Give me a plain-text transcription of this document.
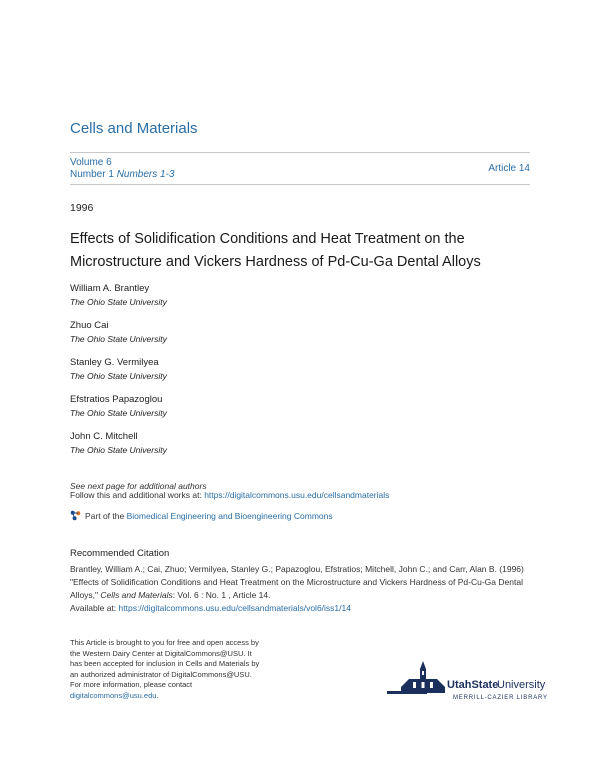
Cells and Materials
Volume 6
Number 1 Numbers 1-3
Article 14
1996
Effects of Solidification Conditions and Heat Treatment on the Microstructure and Vickers Hardness of Pd-Cu-Ga Dental Alloys
William A. Brantley
The Ohio State University
Zhuo Cai
The Ohio State University
Stanley G. Vermilyea
The Ohio State University
Efstratios Papazoglou
The Ohio State University
John C. Mitchell
The Ohio State University
See next page for additional authors
Follow this and additional works at: https://digitalcommons.usu.edu/cellsandmaterials
Part of the
Biomedical Engineering and Bioengineering Commons
Recommended Citation
Brantley, William A.; Cai, Zhuo; Vermilyea, Stanley G.; Papazoglou, Efstratios; Mitchell, John C.; and Carr, Alan B. (1996) "Effects of Solidification Conditions and Heat Treatment on the Microstructure and Vickers Hardness of Pd-Cu-Ga Dental Alloys," Cells and Materials: Vol. 6 : No. 1 , Article 14.
Available at: https://digitalcommons.usu.edu/cellsandmaterials/vol6/iss1/14
This Article is brought to you for free and open access by
the Western Dairy Center at DigitalCommons@USU. It
has been accepted for inclusion in Cells and Materials by
an authorized administrator of DigitalCommons@USU.
For more information, please contact
digitalcommons@usu.edu.
UtahState
University
MERRILL-CAZIER LIBRARY
